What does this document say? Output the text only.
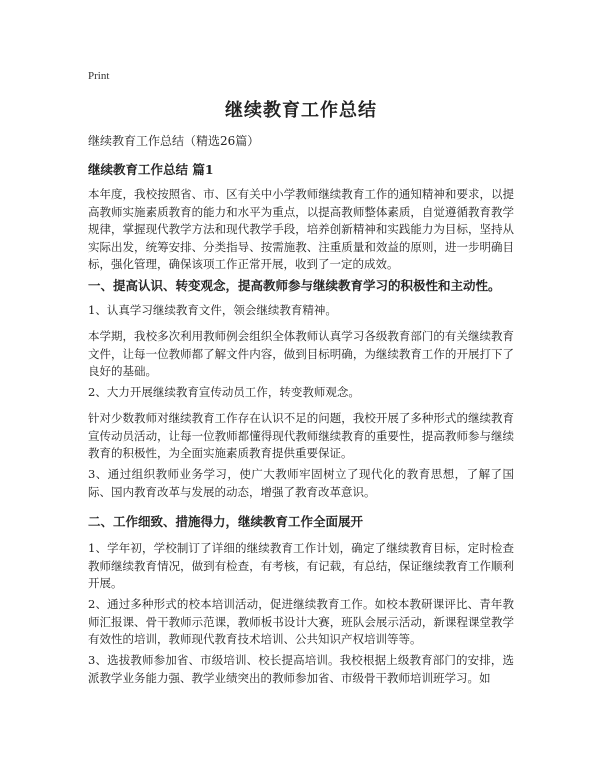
Print
继续教育工作总结

继续教育工作总结（精选26篇）

继续教育工作总结 篇1

本年度，我校按照省、市、区有关中小学教师继续教育工作的通知精神和要求，以提高教师实施素质教育的能力和水平为重点，以提高教师整体素质，自觉遵循教育教学规律，掌握现代教学方法和现代教学手段，培养创新精神和实践能力为目标，坚持从实际出发，统筹安排、分类指导、按需施教、注重质量和效益的原则，进一步明确目标，强化管理，确保该项工作正常开展，收到了一定的成效。

一、提高认识、转变观念，提高教师参与继续教育学习的积极性和主动性。

1、认真学习继续教育文件，领会继续教育精神。

本学期，我校多次利用教师例会组织全体教师认真学习各级教育部门的有关继续教育文件，让每一位教师都了解文件内容，做到目标明确，为继续教育工作的开展打下了良好的基础。

2、大力开展继续教育宣传动员工作，转变教师观念。

针对少数教师对继续教育工作存在认识不足的问题，我校开展了多种形式的继续教育宣传动员活动，让每一位教师都懂得现代教师继续教育的重要性，提高教师参与继续教育的积极性，为全面实施素质教育提供重要保证。

3、通过组织教师业务学习，使广大教师牢固树立了现代化的教育思想，了解了国际、国内教育改革与发展的动态，增强了教育改革意识。

二、工作细致、措施得力，继续教育工作全面展开

1、学年初，学校制订了详细的继续教育工作计划，确定了继续教育目标，定时检查教师继续教育情况，做到有检查，有考核，有记载，有总结，保证继续教育工作顺利开展。

2、通过多种形式的校本培训活动，促进继续教育工作。如校本教研课评比、青年教师汇报课、骨干教师示范课，教师板书设计大赛，班队会展示活动，新课程课堂教学有效性的培训，教师现代教育技术培训、公共知识产权培训等等。

3、选拔教师参加省、市级培训、校长提高培训。我校根据上级教育部门的安排，选派教学业务能力强、教学业绩突出的教师参加省、市级骨干教师培训班学习。如
